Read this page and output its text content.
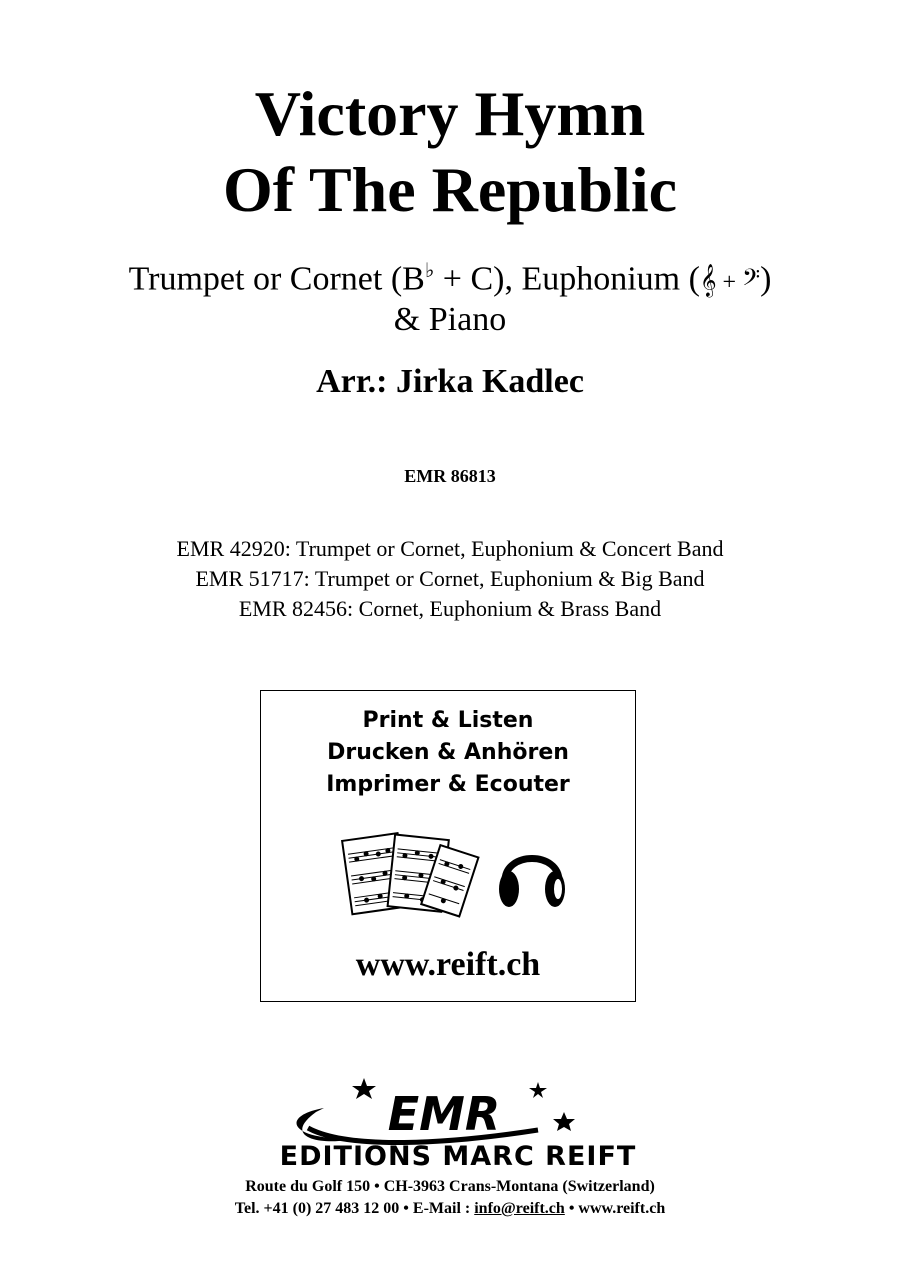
Victory Hymn
Of The Republic
Trumpet or Cornet (B♭ + C), Euphonium (𝄞 + 𝄢)
& Piano
Arr.: Jirka Kadlec
EMR 86813
EMR 42920: Trumpet or Cornet, Euphonium & Concert Band
EMR 51717: Trumpet or Cornet, Euphonium & Big Band
EMR 82456: Cornet, Euphonium & Brass Band
Print & Listen
Drucken & Anhören
Imprimer & Ecouter
www.reift.ch
EMR
EDITIONS MARC REIFT
Route du Golf 150 • CH-3963 Crans-Montana (Switzerland)
Tel. +41 (0) 27 483 12 00 • E-Mail : info@reift.ch • www.reift.ch
